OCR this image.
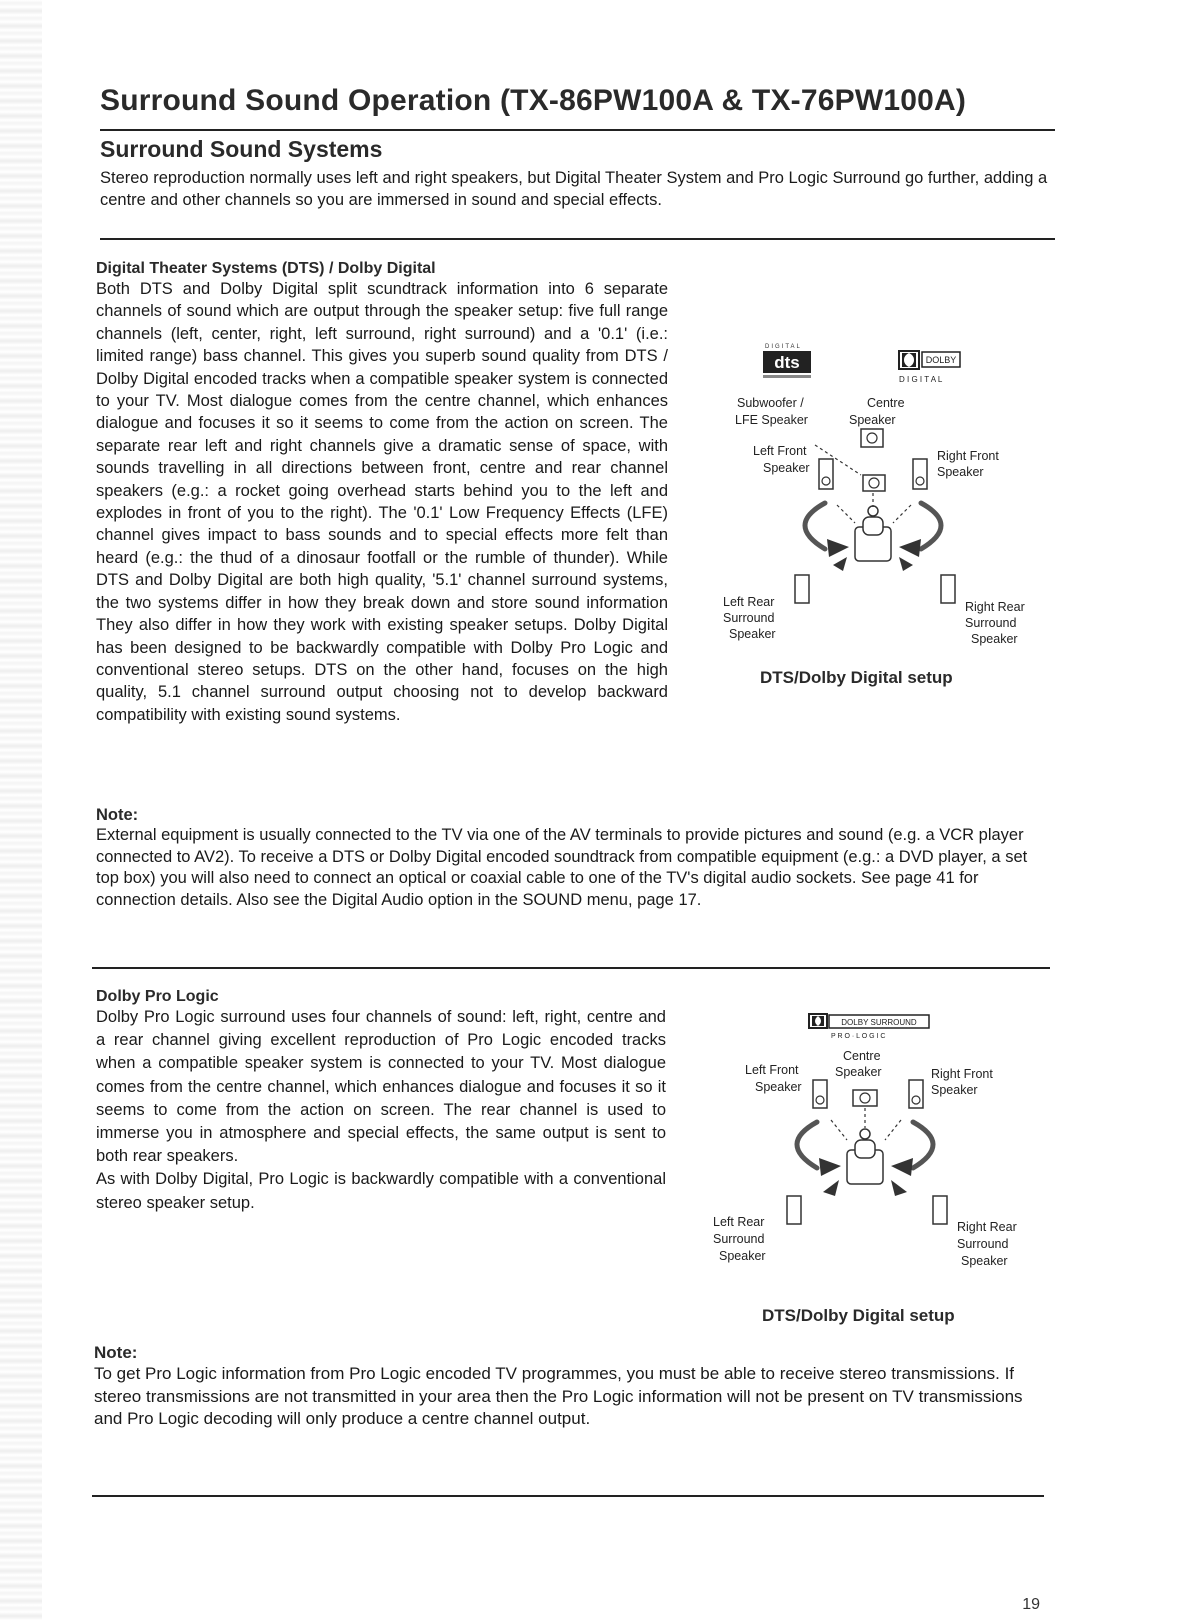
Surround Sound Operation (TX-86PW100A & TX-76PW100A)
Surround Sound Systems

Stereo reproduction normally uses left and right speakers, but Digital Theater System and Pro Logic Surround go further, adding a centre and other channels so you are immersed in sound and special effects.

Digital Theater Systems (DTS) / Dolby Digital

Both DTS and Dolby Digital split scundtrack information into 6 separate channels of sound which are output through the speaker setup: five full range channels (left, center, right, left surround, right surround) and a '0.1' (i.e.: limited range) bass channel. This gives you superb sound quality from DTS / Dolby Digital encoded tracks when a compatible speaker system is connected to your TV. Most dialogue comes from the centre channel, which enhances dialogue and focuses it so it seems to come from the action on screen. The separate rear left and right channels give a dramatic sense of space, with sounds travelling in all directions between front, centre and rear channel speakers (e.g.: a rocket going overhead starts behind you to the left and explodes in front of you to the right). The '0.1' Low Frequency Effects (LFE) channel gives impact to bass sounds and to special effects more felt than heard (e.g.: the thud of a dinosaur footfall or the rumble of thunder). While DTS and Dolby Digital are both high quality, '5.1' channel surround systems, the two systems differ in how they break down and store sound information They also differ in how they work with existing speaker setups. Dolby Digital has been designed to be backwardly compatible with Dolby Pro Logic and conventional stereo setups. DTS on the other hand, focuses on the high quality, 5.1 channel surround output choosing not to develop backward compatibility with existing sound systems.

DIGITAL
dts	DOLBY
D I G I T A L
Subwoofer /
LFE Speaker
Centre
Speaker
Left Front
Speaker
Right Front
Speaker
Left Rear
Surround
Speaker
Right Rear
Surround
Speaker
DTS/Dolby Digital setup
Note:

External equipment is usually connected to the TV via one of the AV terminals to provide pictures and sound (e.g. a VCR player connected to AV2). To receive a DTS or Dolby Digital encoded soundtrack from compatible equipment (e.g.: a DVD player, a set top box) you will also need to connect an optical or coaxial cable to one of the TV's digital audio sockets. See page 41 for connection details. Also see the Digital Audio option in the SOUND menu, page 17.

Dolby Pro Logic

Dolby Pro Logic surround uses four channels of sound: left, right, centre and a rear channel giving excellent reproduction of Pro Logic encoded tracks when a compatible speaker system is connected to your TV. Most dialogue comes from the centre channel, which enhances dialogue and focuses it so it seems to come from the action on screen. The rear channel is used to immerse you in atmosphere and special effects, the same output is sent to both rear speakers.

As with Dolby Digital, Pro Logic is backwardly compatible with a conventional stereo speaker setup.

DOLBY SURROUND
P R O · L O G I C
Centre
Speaker
Left Front
Speaker
Right Front
Speaker
Left Rear
Surround
Speaker
Right Rear
Surround
Speaker
DTS/Dolby Digital setup
Note:

To get Pro Logic information from Pro Logic encoded TV programmes, you must be able to receive stereo transmissions. If stereo transmissions are not transmitted in your area then the Pro Logic information will not be present on TV transmissions and Pro Logic decoding will only produce a centre channel output.

19
